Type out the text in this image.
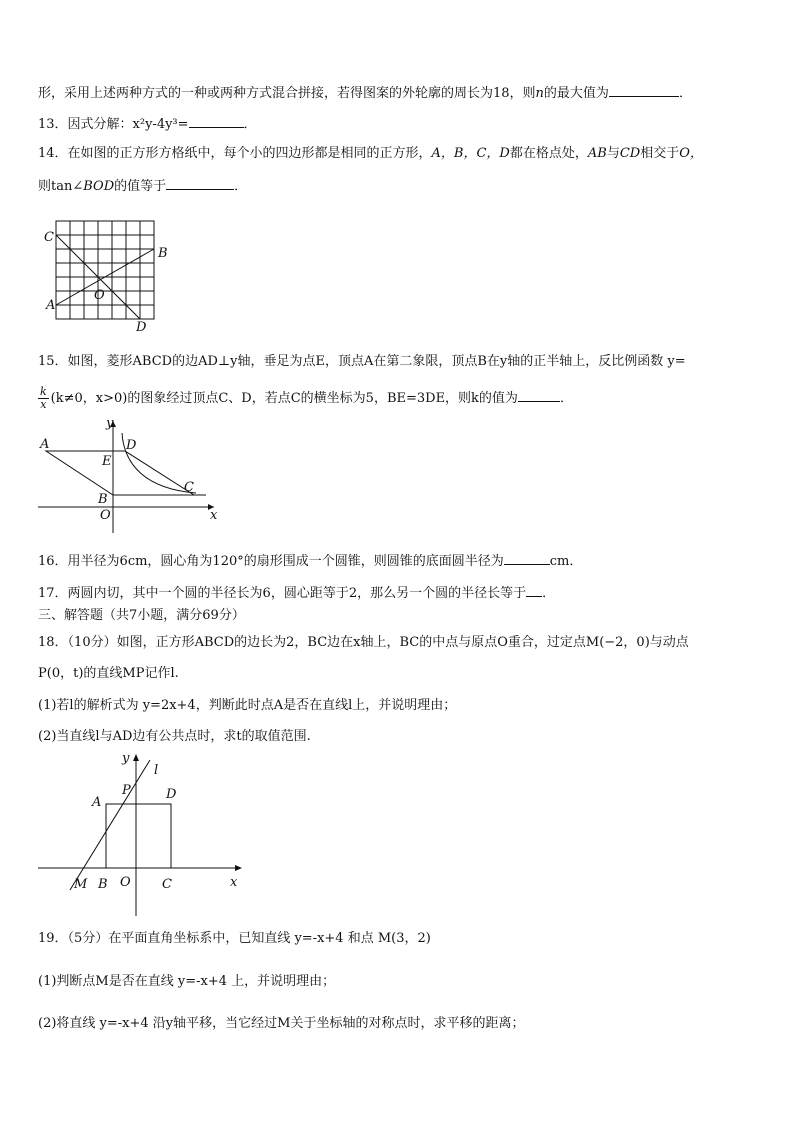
形，采用上述两种方式的一种或两种方式混合拼接，若得图案的外轮廓的周长为18，则n的最大值为	．
13．因式分解：x²y-4y³=	．
14．在如图的正方形方格纸中，每个小的四边形都是相同的正方形，A，B，C，D都在格点处，AB与CD相交于O，
则tan∠BOD的值等于	．
C
B
A
O
D
15．如图，菱形ABCD的边AD⊥y轴，垂足为点E，顶点A在第二象限，顶点B在y轴的正半轴上，反比例函数 y=
$\frac{k}{x} (k\ne 0$，x>0)的图象经过顶点C、D，若点C的横坐标为5，BE=3DE，则k的值为	．
y
A	D
E
B
C
O	x
16．用半径为6cm，圆心角为120°的扇形围成一个圆锥，则圆锥的底面圆半径为	cm．
17．两圆内切，其中一个圆的半径长为6，圆心距等于2，那么另一个圆的半径长等于 ．
三、解答题（共7小题，满分69分）
18．（10分）如图，正方形ABCD的边长为2，BC边在x轴上，BC的中点与原点O重合，过定点M(−2，0)与动点
P(0，t)的直线MP记作l.
(1)若l的解析式为 y=2x+4，判断此时点A是否在直线l上，并说明理由；
(2)当直线l与AD边有公共点时，求t的取值范围.
y
l
P
A
D
M B O C	x
19．（5分）在平面直角坐标系中，已知直线 y=-x+4 和点 M(3，2)
(1)判断点M是否在直线 y=-x+4 上，并说明理由；
(2)将直线 y=-x+4 沿y轴平移，当它经过M关于坐标轴的对称点时，求平移的距离；
